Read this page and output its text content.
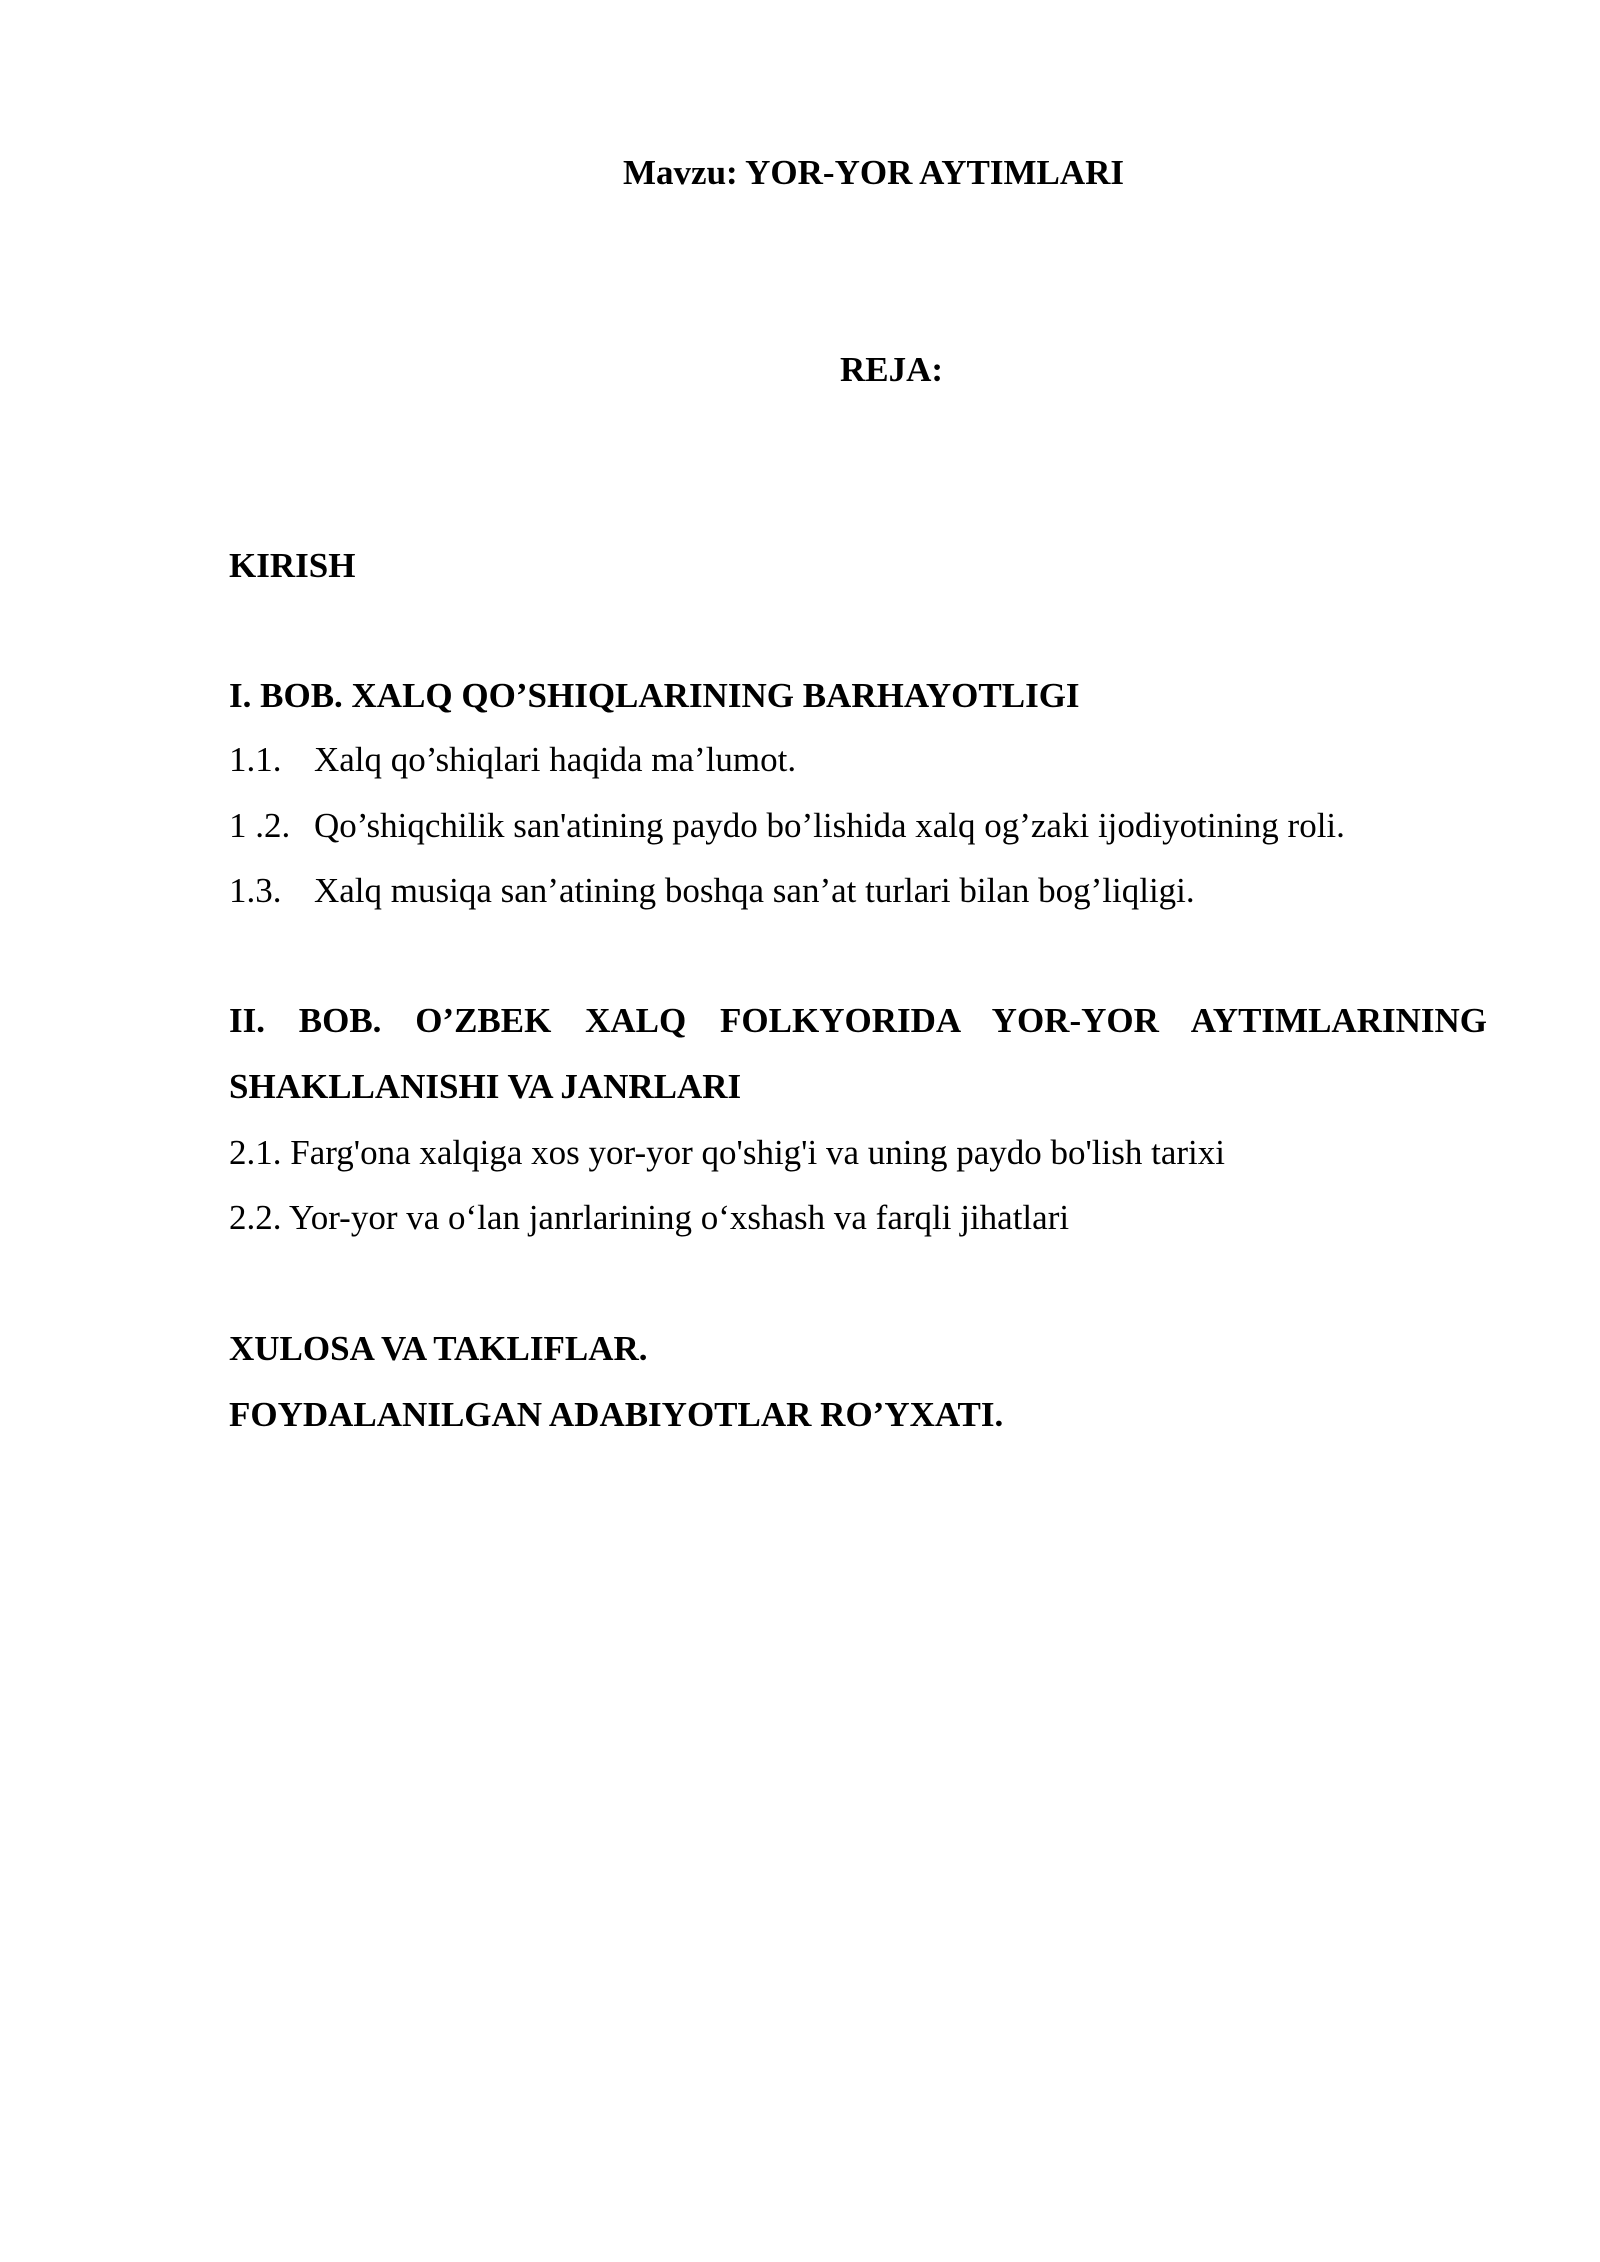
Mavzu: YOR-YOR AYTIMLARI
REJA:
KIRISH
I. BOB. XALQ QO’SHIQLARINING BARHAYOTLIGI
1.1. Xalq qo’shiqlari haqida ma’lumot.
1 .2. Qo’shiqchilik san'atining paydo bo’lishida xalq og’zaki ijodiyotining roli.
1.3. Xalq musiqa san’atining boshqa san’at turlari bilan bog’liqligi.
II. BOB. O’ZBEK XALQ FOLKYORIDA YOR-YOR AYTIMLARINING
SHAKLLANISHI VA JANRLARI
2.1. Farg'ona xalqiga xos yor-yor qo'shig'i va uning paydo bo'lish tarixi
2.2. Yor-yor va o‘lan janrlarining o‘xshash va farqli jihatlari
XULOSA VA TAKLIFLAR.
FOYDALANILGAN ADABIYOTLAR RO’YXATI.
